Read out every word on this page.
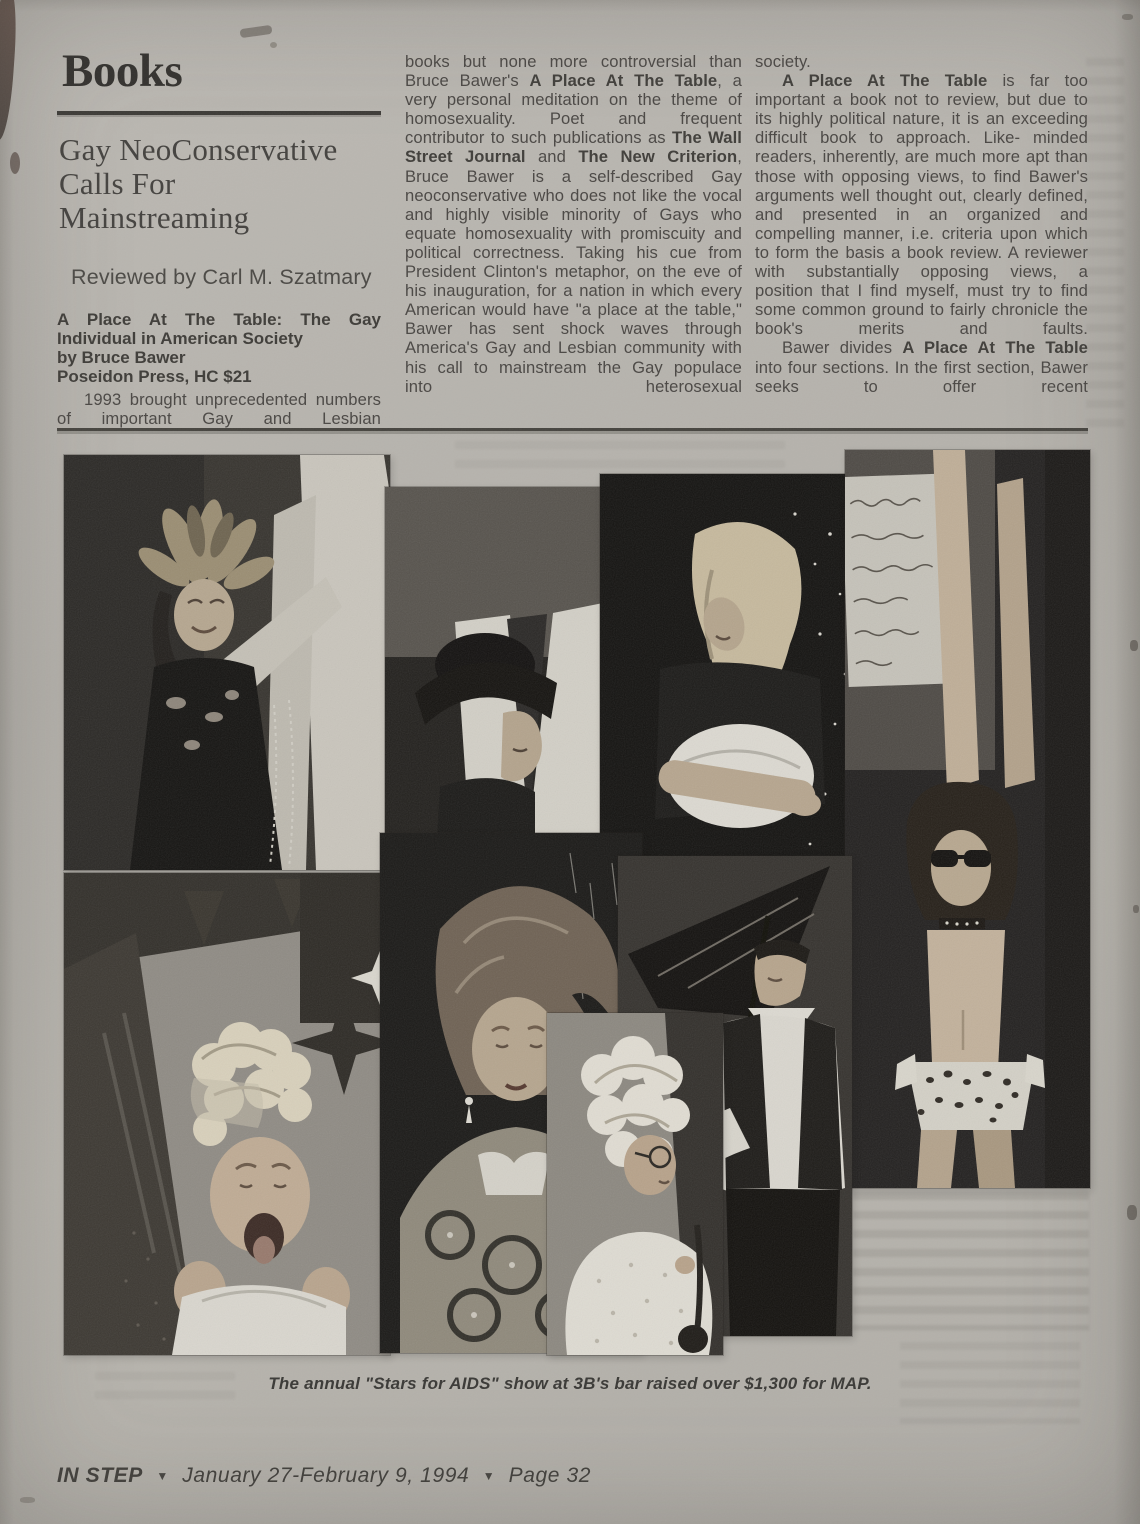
Books
Gay NeoConservative
Calls For
Mainstreaming

Reviewed by Carl M. Szatmary

A Place At The Table: The Gay Individual in American Society

by Bruce Bawer

Poseidon Press, HC $21

1993 brought unprecedented numbers of important Gay and Lesbian

books but none more controversial than Bruce Bawer's A Place At The Table, a very personal meditation on the theme of homosexuality. Poet and frequent contributor to such publications as The Wall Street Journal and The New Criterion, Bruce Bawer is a self-described Gay neoconservative who does not like the vocal and highly visible minority of Gays who equate homosexuality with promiscuity and political correctness. Taking his cue from President Clinton's metaphor, on the eve of his inauguration, for a nation in which every American would have "a place at the table," Bawer has sent shock waves through America's Gay and Lesbian community with his call to mainstream the Gay populace into heterosexual

society.

A Place At The Table is far too important a book not to review, but due to its highly political nature, it is an exceeding difficult book to approach. Like- minded readers, inherently, are much more apt than those with opposing views, to find Bawer's arguments well thought out, clearly defined, and presented in an organized and compelling manner, i.e. criteria upon which to form the basis a book review. A reviewer with substantially opposing views, a position that I find myself, must try to find some common ground to fairly chronicle the book's merits and faults.

Bawer divides A Place At The Table into four sections. In the first section, Bawer seeks to offer recent

The annual "Stars for AIDS" show at 3B's bar raised over $1,300 for MAP.

IN STEP ▼ January 27-February 9, 1994 ▼ Page 32
